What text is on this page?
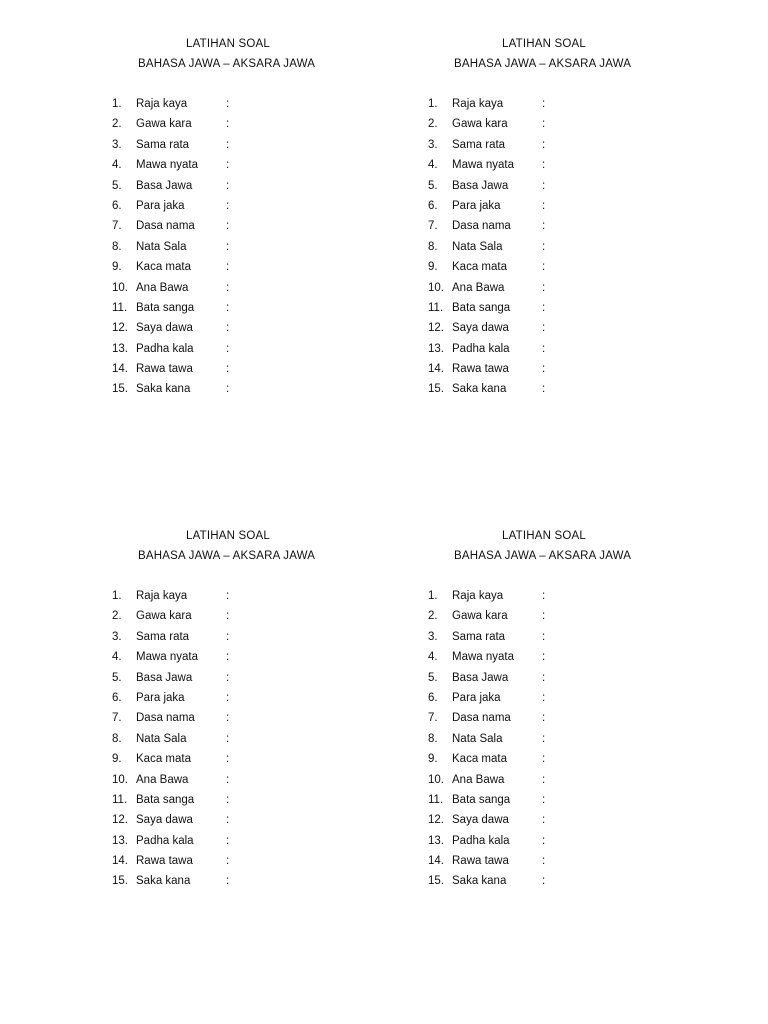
LATIHAN SOAL
BAHASA JAWA – AKSARA JAWA
1.	Raja kaya	:
2.	Gawa kara	:
3.	Sama rata	:
4.	Mawa nyata :
5.	Basa Jawa	:
6.	Para jaka	:
7.	Dasa nama	:
8.	Nata Sala	:
9.	Kaca mata	:
10. Ana Bawa	:
11. Bata sanga	:
12. Saya dawa	:
13. Padha kala	:
14. Rawa tawa	:
15. Saka kana	:
LATIHAN SOAL
BAHASA JAWA – AKSARA JAWA
1.	Raja kaya	:
2.	Gawa kara	:
3.	Sama rata	:
4.	Mawa nyata :
5.	Basa Jawa	:
6.	Para jaka	:
7.	Dasa nama	:
8.	Nata Sala	:
9.	Kaca mata	:
10. Ana Bawa	:
11. Bata sanga	:
12. Saya dawa	:
13. Padha kala	:
14. Rawa tawa	:
15. Saka kana	:
LATIHAN SOAL
BAHASA JAWA – AKSARA JAWA
1.	Raja kaya	:
2.	Gawa kara	:
3.	Sama rata	:
4.	Mawa nyata :
5.	Basa Jawa	:
6.	Para jaka	:
7.	Dasa nama	:
8.	Nata Sala	:
9.	Kaca mata	:
10. Ana Bawa	:
11. Bata sanga	:
12. Saya dawa	:
13. Padha kala	:
14. Rawa tawa	:
15. Saka kana	:
LATIHAN SOAL
BAHASA JAWA – AKSARA JAWA
1.	Raja kaya	:
2.	Gawa kara	:
3.	Sama rata	:
4.	Mawa nyata :
5.	Basa Jawa	:
6.	Para jaka	:
7.	Dasa nama	:
8.	Nata Sala	:
9.	Kaca mata	:
10. Ana Bawa	:
11. Bata sanga	:
12. Saya dawa	:
13. Padha kala	:
14. Rawa tawa	:
15. Saka kana	:
